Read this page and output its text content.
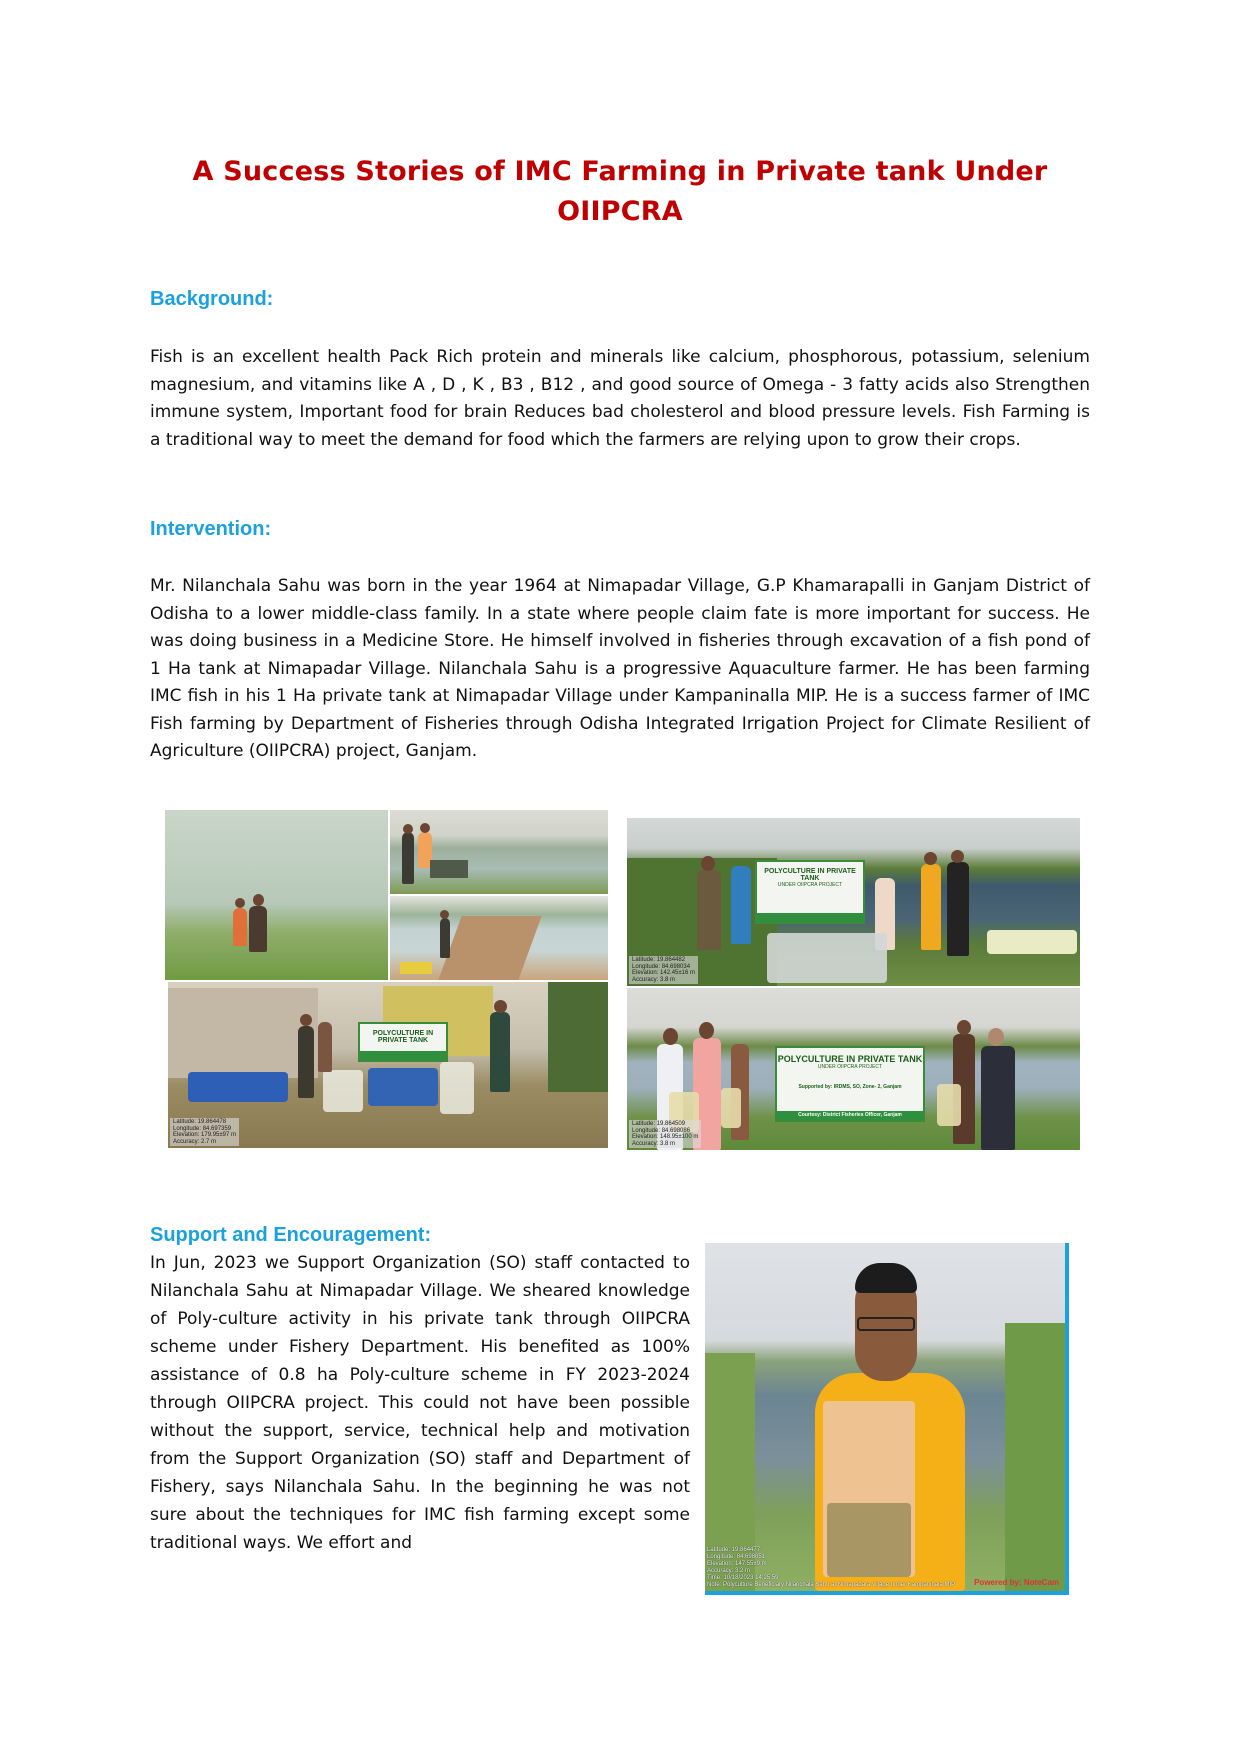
A Success Stories of IMC Farming in Private tank Under
OIIPCRA
Background:
Fish is an excellent health Pack Rich protein and minerals like calcium, phosphorous, potassium, selenium magnesium, and vitamins like A , D , K , B3 , B12 , and good source of Omega - 3 fatty acids also Strengthen immune system, Important food for brain Reduces bad cholesterol and blood pressure levels. Fish Farming is a traditional way to meet the demand for food which the farmers are relying upon to grow their crops.
Intervention:
Mr. Nilanchala Sahu was born in the year 1964 at Nimapadar Village, G.P Khamarapalli in Ganjam District of Odisha to a lower middle-class family. In a state where people claim fate is more important for success. He was doing business in a Medicine Store. He himself involved in fisheries through excavation of a fish pond of 1 Ha tank at Nimapadar Village. Nilanchala Sahu is a progressive Aquaculture farmer. He has been farming IMC fish in his 1 Ha private tank at Nimapadar Village under Kampaninalla MIP. He is a success farmer of IMC Fish farming by Department of Fisheries through Odisha Integrated Irrigation Project for Climate Resilient of Agriculture (OIIPCRA) project, Ganjam.
POLYCULTURE IN PRIVATE TANK
Latitude: 19.864478
Longitude: 84.697359
Elevation: 179.95±97 m
Accuracy: 2.7 m
POLYCULTURE IN PRIVATE TANK
UNDER OIIPCRA PROJECT
Latitude: 19.864482
Longitude: 84.698034
Elevation: 142.45±16 m
Accuracy: 3.8 m
POLYCULTURE IN PRIVATE TANK
UNDER OIIPCRA PROJECT
Supported by: IRDMS, SO, Zone- 2, Ganjam
Courtesy: District Fisheries Officer, Ganjam
Latitude: 19.864509
Longitude: 84.698086
Elevation: 148.95±100 m
Accuracy: 3.8 m
Support and Encouragement:
In Jun, 2023 we Support Organization (SO) staff contacted to Nilanchala Sahu at Nimapadar Village. We sheared knowledge of Poly-culture activity in his private tank through OIIPCRA scheme under Fishery Department. His benefited as 100% assistance of 0.8 ha Poly-culture scheme in FY 2023-2024 through OIIPCRA project. This could not have been possible without the support, service, technical help and motivation from the Support Organization (SO) staff and Department of Fishery, says Nilanchala Sahu. In the beginning he was not sure about the techniques for IMC fish farming except some traditional ways. We effort and	Latitude: 19.864477
Longitude: 84.698051
Elevation: 147.55±9 m
Accuracy: 3.2 m
Time: 10/18/2023 14:25:59
Note: Polyculture Beneficiary Nilanchala Sahu at Nimapadara village under Kampaninala MIP Powered by: NoteCam
